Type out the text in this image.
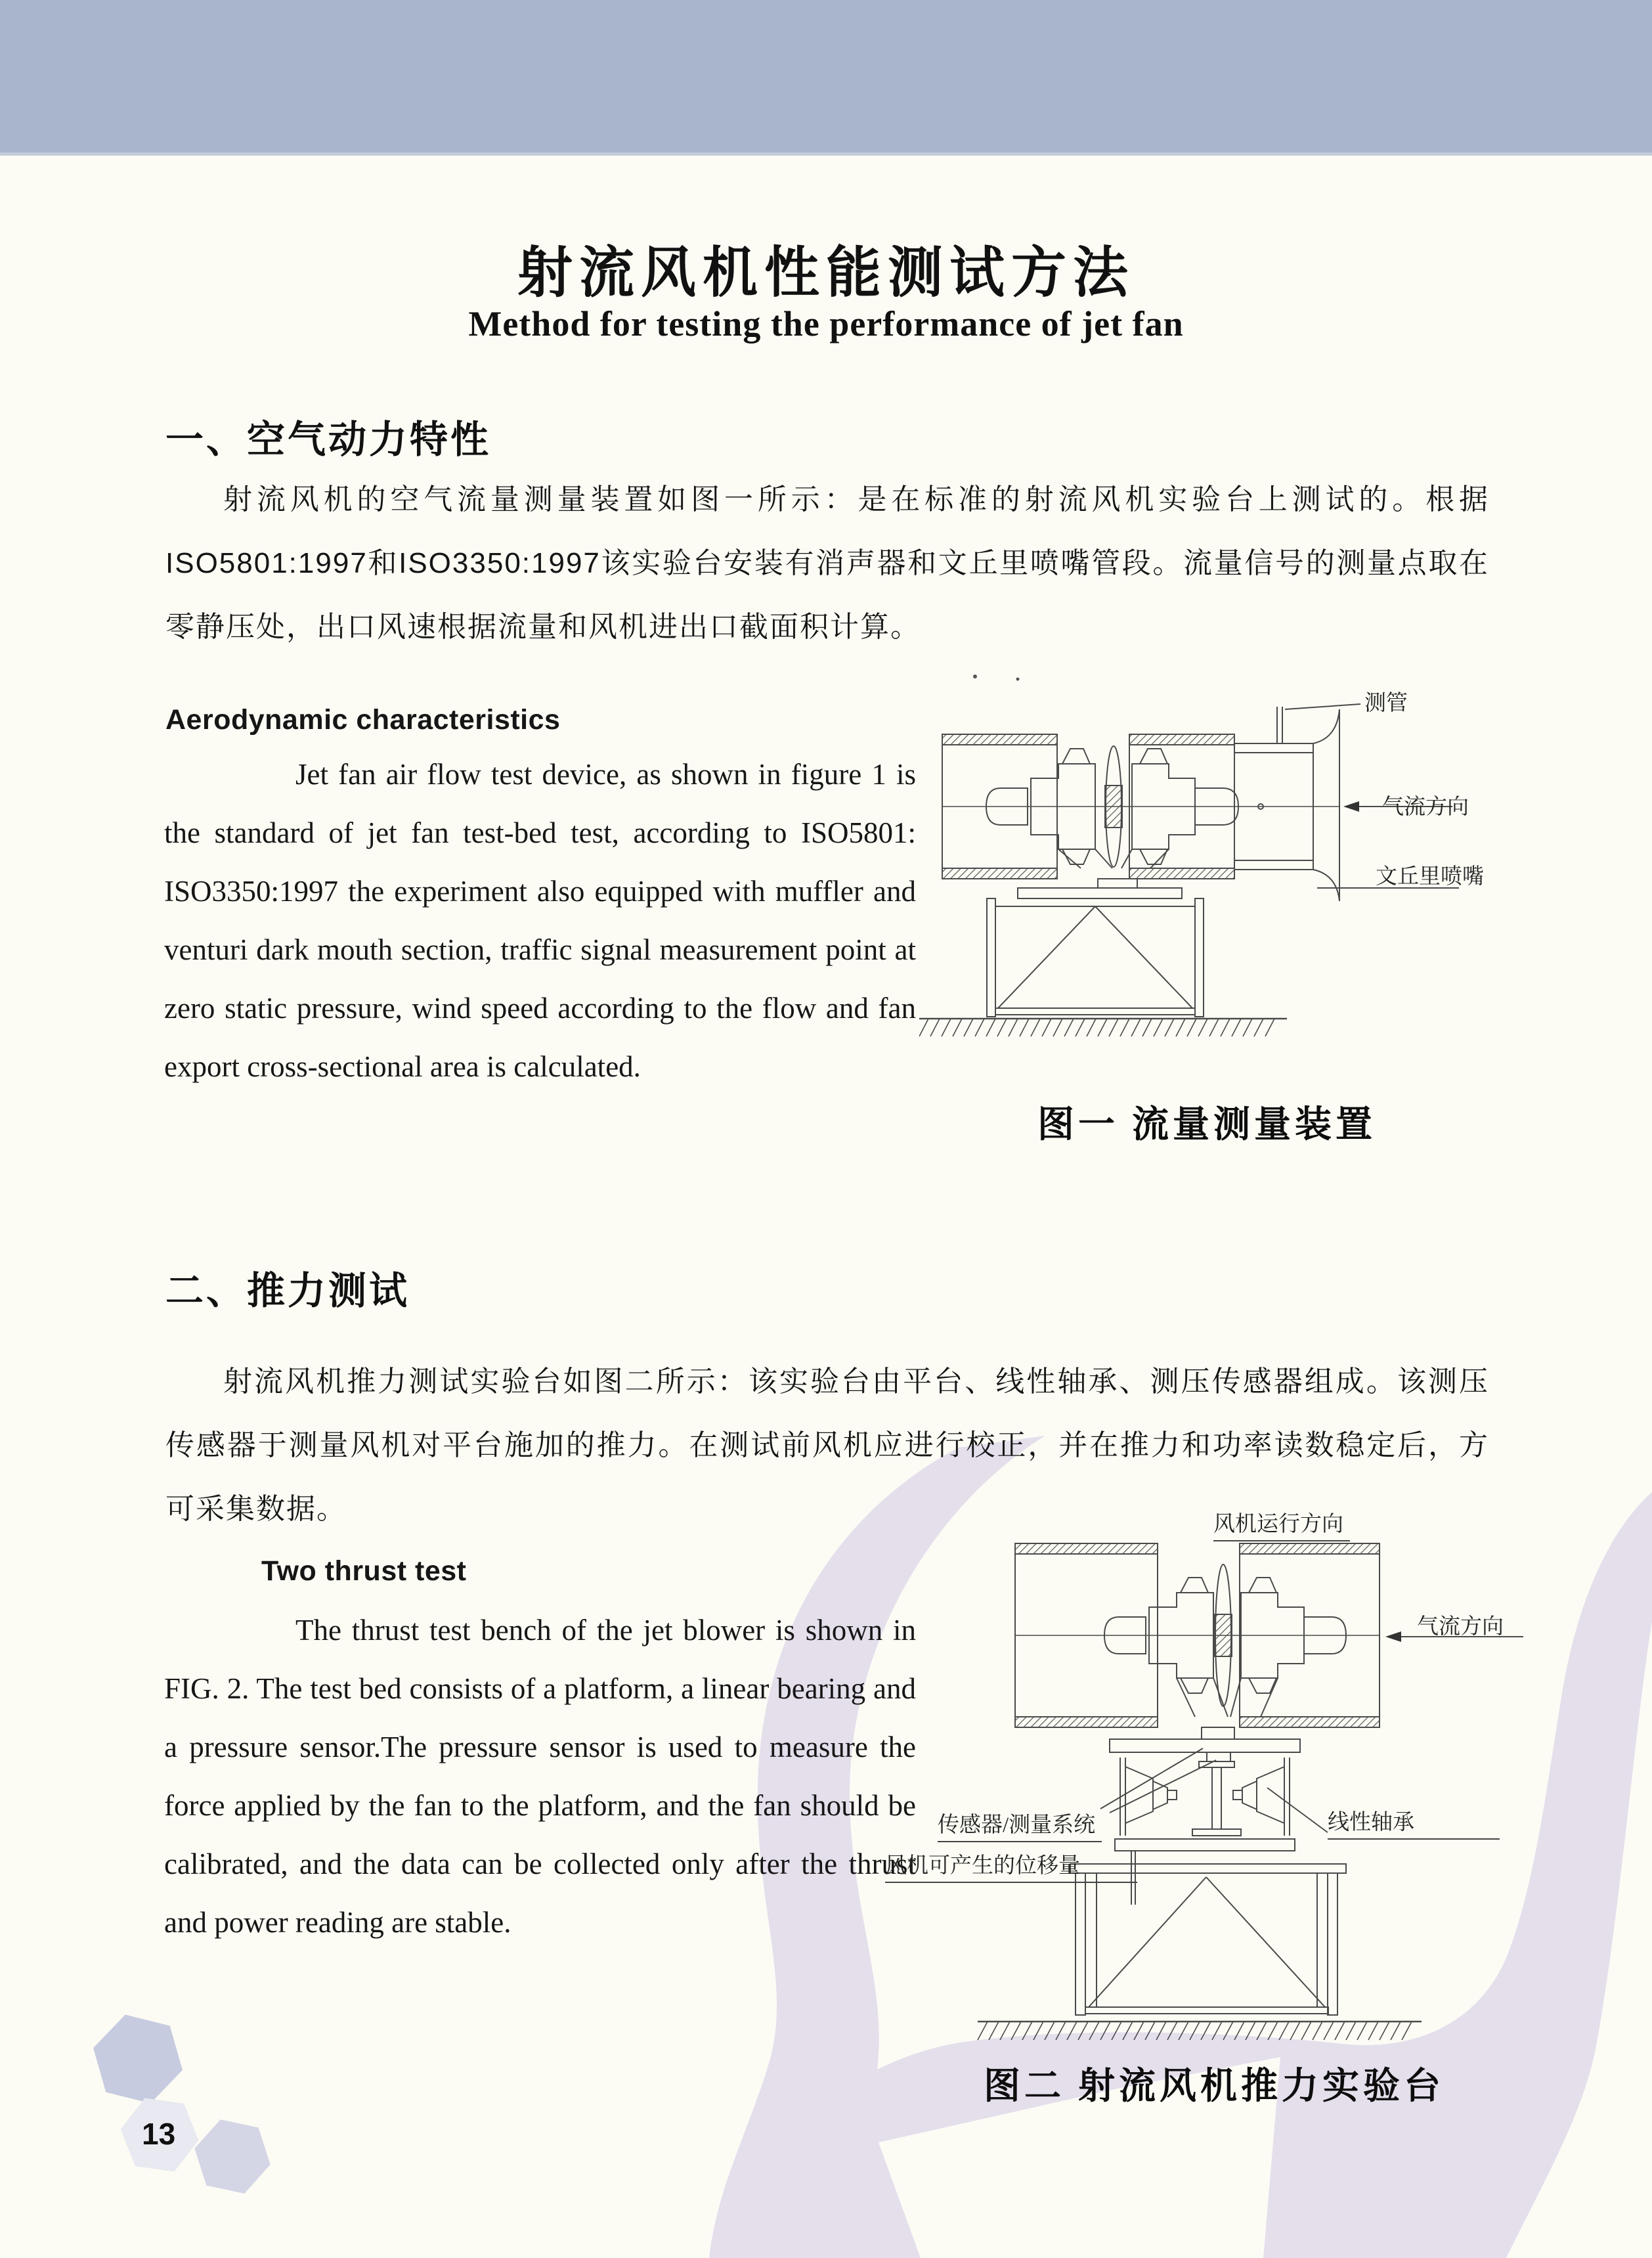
射流风机性能测试方法
Method for testing the performance of jet fan
一、空气动力特性
射流风机的空气流量测量装置如图一所示：是在标准的射流风机实验台上测试的。根据ISO5801:1997和ISO3350:1997该实验台安装有消声器和文丘里喷嘴管段。流量信号的测量点取在零静压处，出口风速根据流量和风机进出口截面积计算。
Aerodynamic characteristics
Jet fan air flow test device, as shown in figure 1 is the standard of jet fan test-bed test, according to ISO5801: ISO3350:1997 the experiment also equipped with muffler and venturi dark mouth section, traffic signal measurement point at zero static pressure, wind speed according to the flow and fan export cross-sectional area is calculated.
测管
气流方向
文丘里喷嘴
图一 流量测量装置
二、推力测试
射流风机推力测试实验台如图二所示：该实验台由平台、线性轴承、测压传感器组成。该测压传感器于测量风机对平台施加的推力。在测试前风机应进行校正，并在推力和功率读数稳定后，方可采集数据。
Two thrust test
The thrust test bench of the jet blower is shown in FIG. 2. The test bed consists of a platform, a linear bearing and a pressure sensor.The pressure sensor is used to measure the force applied by the fan to the platform, and the fan should be calibrated, and the data can be collected only after the thrust and power reading are stable.
风机运行方向
气流方向
传感器/测量系统	线性轴承
风机可产生的位移量
图二 射流风机推力实验台
13
